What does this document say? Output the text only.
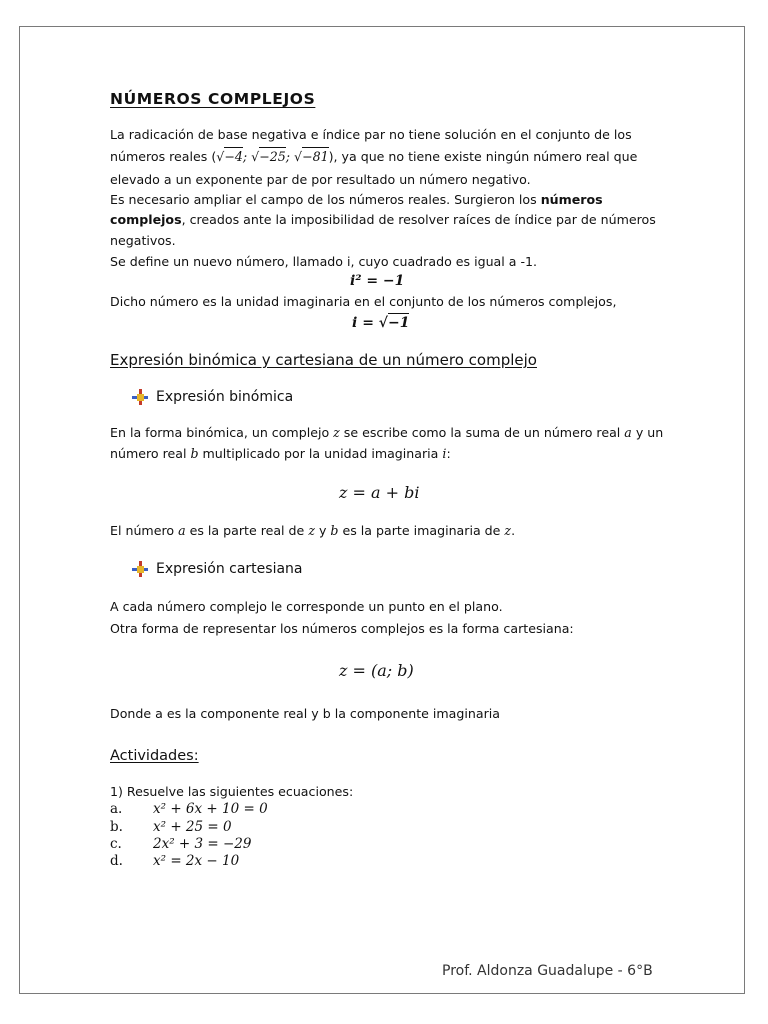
NÚMEROS COMPLEJOS
La radicación de base negativa e índice par no tiene solución en el conjunto de los
números reales (√−4; √−25; √−81), ya que no tiene existe ningún número real que
elevado a un exponente par de por resultado un número negativo.
Es necesario ampliar el campo de los números reales. Surgieron los números
complejos, creados ante la imposibilidad de resolver raíces de índice par de números
negativos.
Se define un nuevo número, llamado i, cuyo cuadrado es igual a -1.
i² = −1
Dicho número es la unidad imaginaria en el conjunto de los números complejos,
i = √−1
Expresión binómica y cartesiana de un número complejo
Expresión binómica
En la forma binómica, un complejo z se escribe como la suma de un número real a y un
número real b multiplicado por la unidad imaginaria i:
z = a + bi
El número a es la parte real de z y b es la parte imaginaria de z.
Expresión cartesiana
A cada número complejo le corresponde un punto en el plano.
Otra forma de representar los números complejos es la forma cartesiana:
z = (a; b)
Donde a es la componente real y b la componente imaginaria
Actividades:
1) Resuelve las siguientes ecuaciones:
a. x² + 6x + 10 = 0
b. x² + 25 = 0
c. 2x² + 3 = −29
d. x² = 2x − 10
Prof. Aldonza Guadalupe - 6°B
